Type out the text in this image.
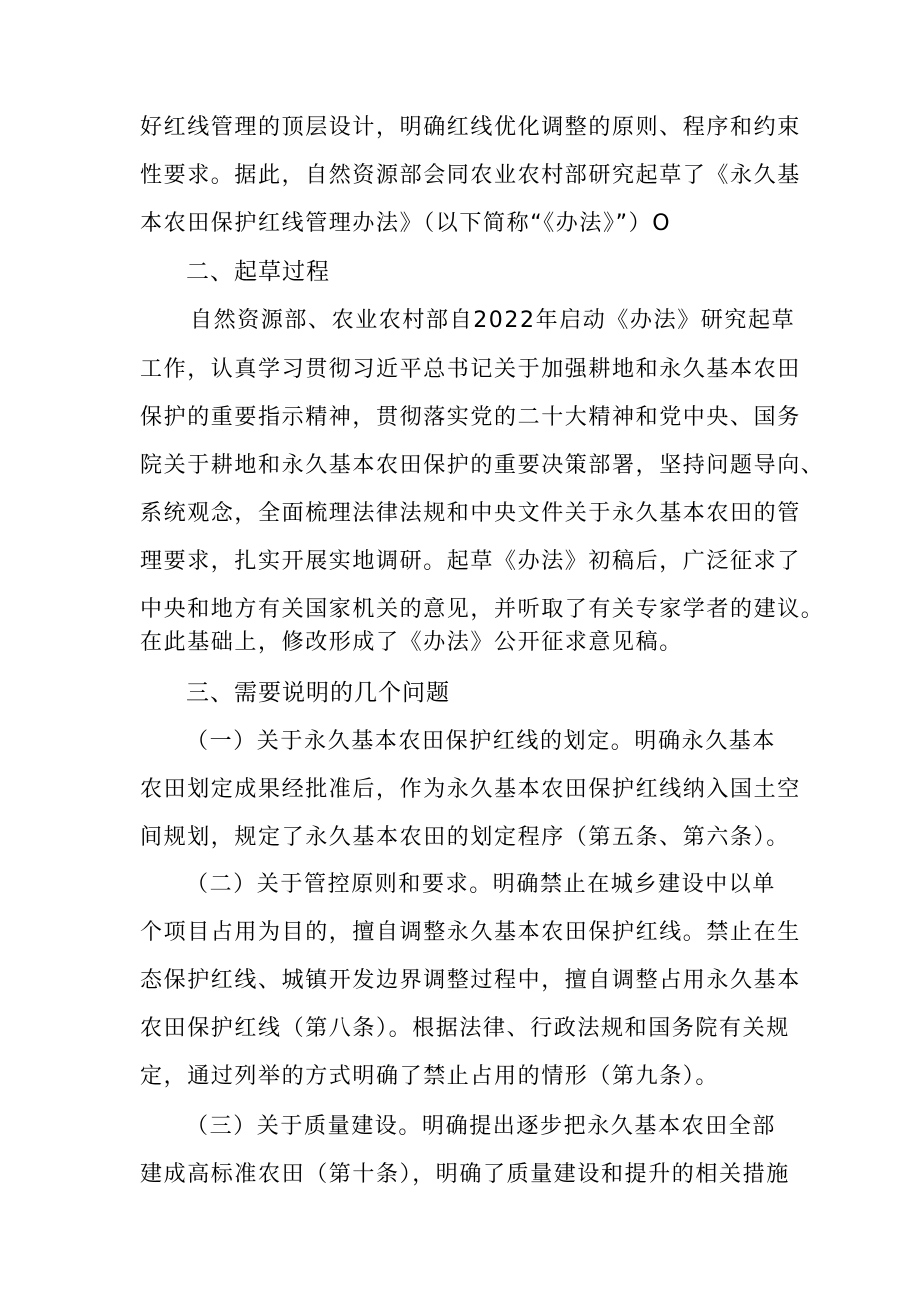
好红线管理的顶层设计，明确红线优化调整的原则、程序和约束
性要求。据此，自然资源部会同农业农村部研究起草了《永久基
本农田保护红线管理办法》（以下简称“《办法》”）O
二、起草过程
自然资源部、农业农村部自2022年启动《办法》研究起草
工作，认真学习贯彻习近平总书记关于加强耕地和永久基本农田
保护的重要指示精神，贯彻落实党的二十大精神和党中央、国务
院关于耕地和永久基本农田保护的重要决策部署，坚持问题导向、
系统观念，全面梳理法律法规和中央文件关于永久基本农田的管
理要求，扎实开展实地调研。起草《办法》初稿后，广泛征求了
中央和地方有关国家机关的意见，并听取了有关专家学者的建议。
在此基础上，修改形成了《办法》公开征求意见稿。
三、需要说明的几个问题
（一）关于永久基本农田保护红线的划定。明确永久基本
农田划定成果经批准后，作为永久基本农田保护红线纳入国土空
间规划，规定了永久基本农田的划定程序（第五条、第六条）。
（二）关于管控原则和要求。明确禁止在城乡建设中以单
个项目占用为目的，擅自调整永久基本农田保护红线。禁止在生
态保护红线、城镇开发边界调整过程中，擅自调整占用永久基本
农田保护红线（第八条）。根据法律、行政法规和国务院有关规
定，通过列举的方式明确了禁止占用的情形（第九条）。
（三）关于质量建设。明确提出逐步把永久基本农田全部
建成高标准农田（第十条），明确了质量建设和提升的相关措施
